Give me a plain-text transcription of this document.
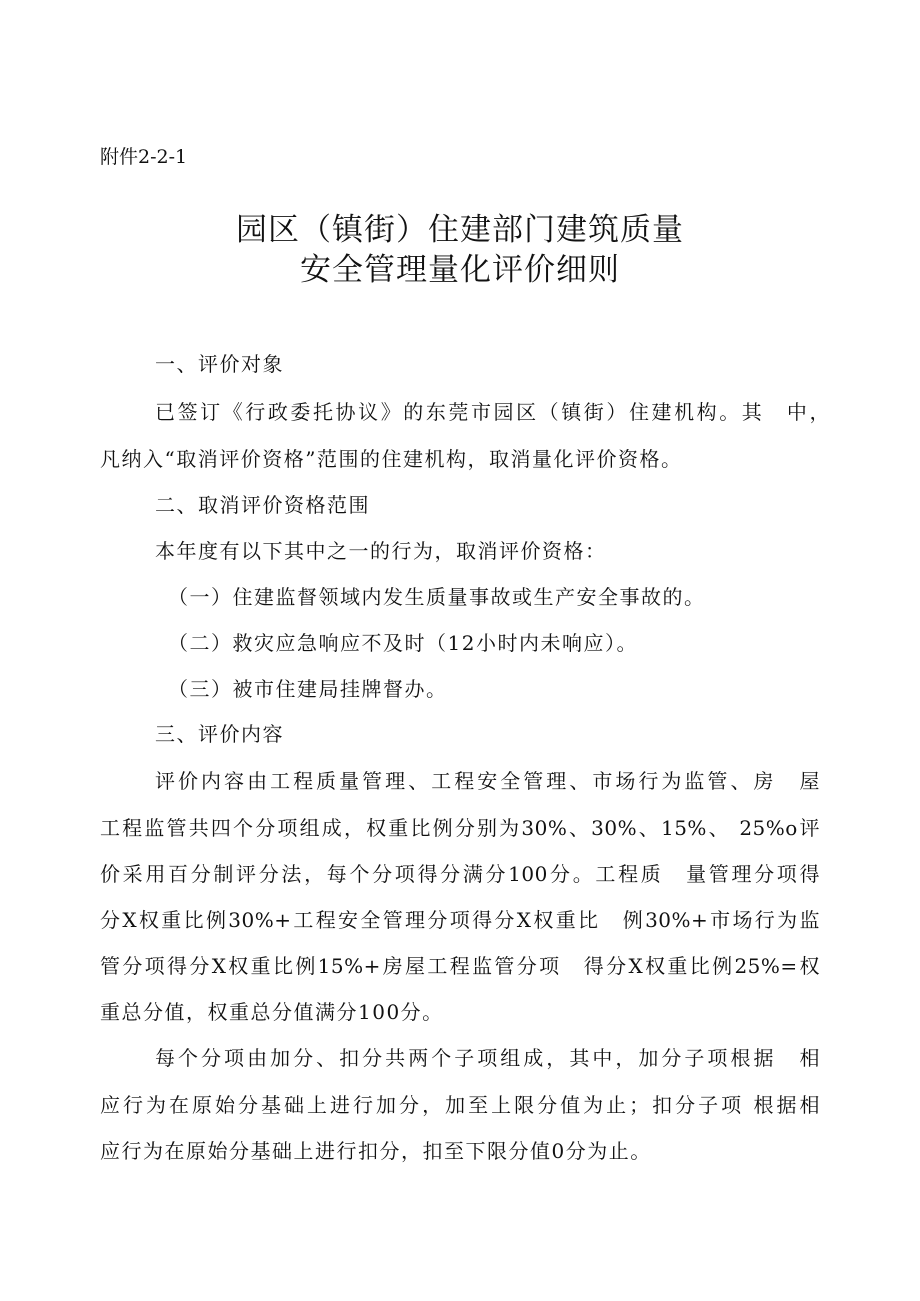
附件2-2-1
园区（镇街）住建部门建筑质量
安全管理量化评价细则
一、评价对象
已签订《行政委托协议》的东莞市园区（镇街）住建机构。其　中，
凡纳入“取消评价资格”范围的住建机构，取消量化评价资格。
二、取消评价资格范围
本年度有以下其中之一的行为，取消评价资格：
（一）住建监督领域内发生质量事故或生产安全事故的。
（二）救灾应急响应不及时（12小时内未响应）。
（三）被市住建局挂牌督办。
三、评价内容
评价内容由工程质量管理、工程安全管理、市场行为监管、房　屋
工程监管共四个分项组成，权重比例分别为30%、30%、15%、 25%o评
价采用百分制评分法，每个分项得分满分100分。工程质　量管理分项得
分X权重比例30%+工程安全管理分项得分X权重比　例30%+市场行为监
管分项得分X权重比例15%+房屋工程监管分项　得分X权重比例25%=权
重总分值，权重总分值满分100分。
每个分项由加分、扣分共两个子项组成，其中，加分子项根据　相
应行为在原始分基础上进行加分，加至上限分值为止；扣分子项 根据相
应行为在原始分基础上进行扣分，扣至下限分值0分为止。
